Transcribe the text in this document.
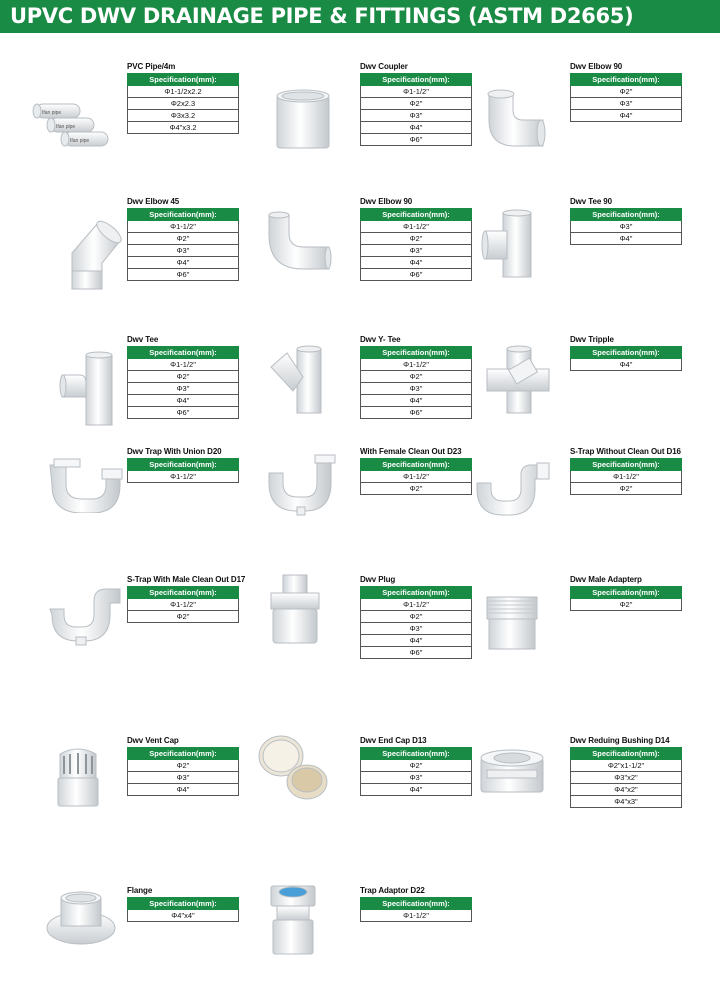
UPVC DWV DRAINAGE PIPE & FITTINGS (ASTM D2665)
Ifan pipe
Ifan pipe
Ifan pipe
PVC Pipe/4m
Specification(mm):
Φ1-1/2x2.2
Φ2x2.3
Φ3x3.2
Φ4"x3.2
Dwv Coupler
Specification(mm):
Φ1-1/2"
Φ2"
Φ3"
Φ4"
Φ6"
Dwv Elbow 90
Specification(mm):
Φ2"
Φ3"
Φ4"
Dwv Elbow 45
Specification(mm):
Φ1-1/2"
Φ2"
Φ3"
Φ4"
Φ6"
Dwv Elbow 90
Specification(mm):
Φ1-1/2"
Φ2"
Φ3"
Φ4"
Φ6"
Dwv Tee 90
Specification(mm):
Φ3"
Φ4"
Dwv Tee
Specification(mm):
Φ1-1/2"
Φ2"
Φ3"
Φ4"
Φ6"
Dwv Y- Tee
Specification(mm):
Φ1-1/2"
Φ2"
Φ3"
Φ4"
Φ6"
Dwv Tripple
Specification(mm):
Φ4"
Dwv Trap With Union D20
Specification(mm):
Φ1-1/2"
With Female Clean Out D23
Specification(mm):
Φ1-1/2"
Φ2"
S-Trap Without Clean Out D16
Specification(mm):
Φ1-1/2"
Φ2"
S-Trap With Male Clean Out D17
Specification(mm):
Φ1-1/2"
Φ2"
Dwv Plug
Specification(mm):
Φ1-1/2"
Φ2"
Φ3"
Φ4"
Φ6"
Dwv Male Adapterp
Specification(mm):
Φ2"
Dwv Vent Cap
Specification(mm):
Φ2"
Φ3"
Φ4"
Dwv End Cap D13
Specification(mm):
Φ2"
Φ3"
Φ4"
Dwv Reduing Bushing D14
Specification(mm):
Φ2"x1-1/2"
Φ3"x2"
Φ4"x2"
Φ4"x3"
Flange
Specification(mm):
Φ4"x4"
Trap Adaptor D22
Specification(mm):
Φ1-1/2"
